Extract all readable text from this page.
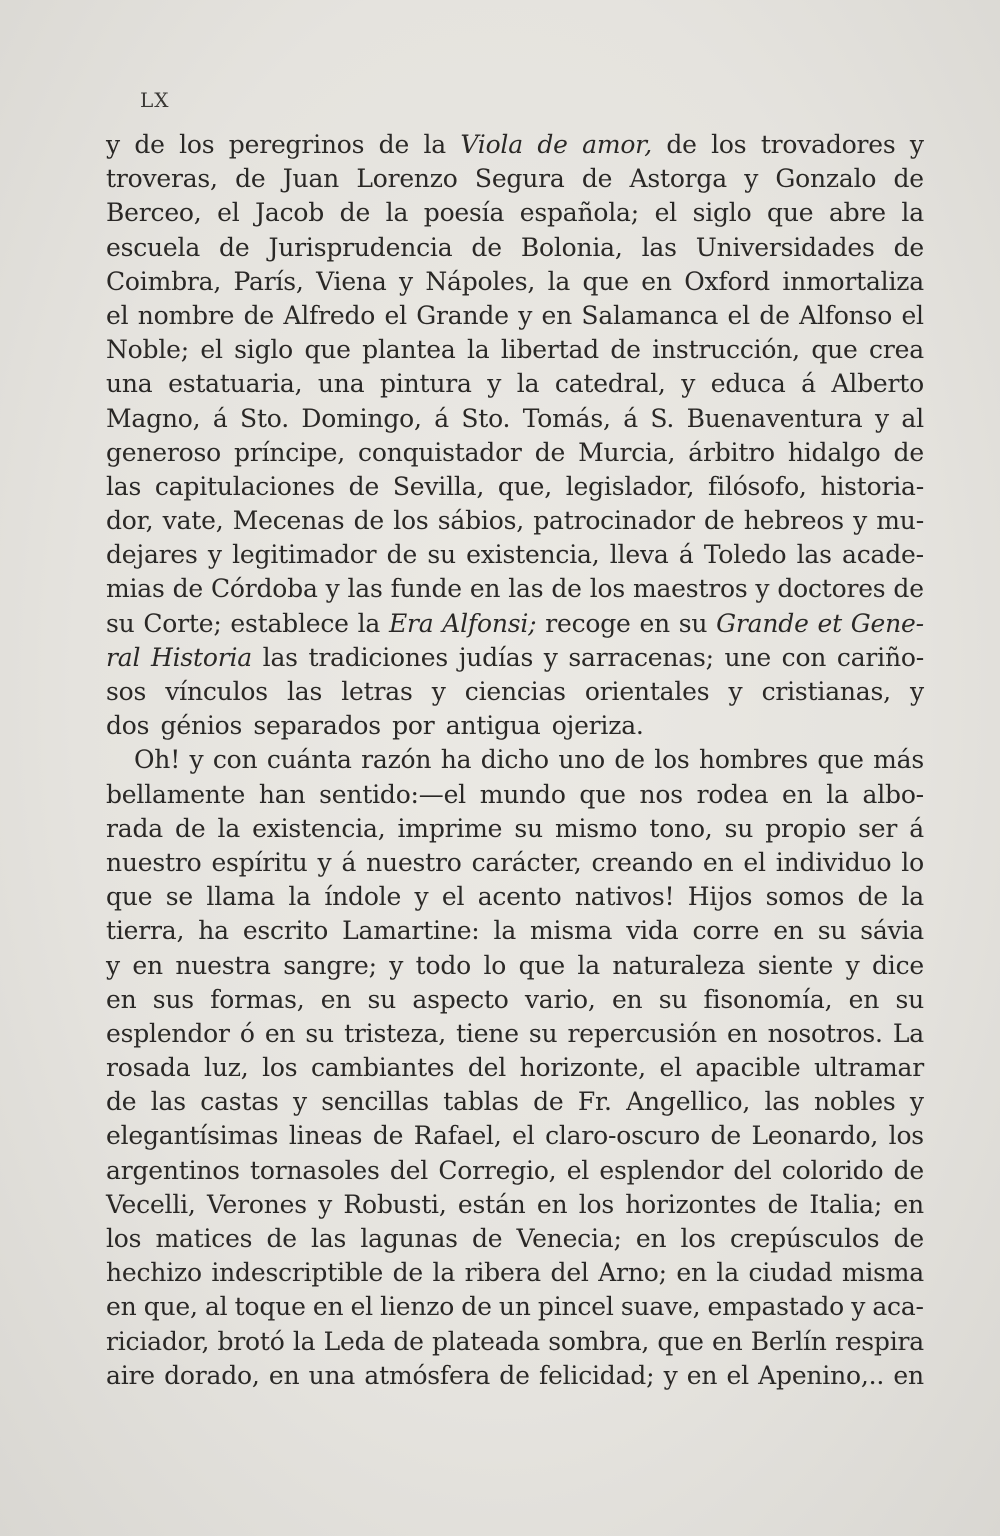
LX
y de los peregrinos de la Viola de amor, de los trovadores y
troveras, de Juan Lorenzo Segura de Astorga y Gonzalo de
Berceo, el Jacob de la poesía española; el siglo que abre la
escuela de Jurisprudencia de Bolonia, las Universidades de
Coimbra, París, Viena y Nápoles, la que en Oxford inmortaliza
el nombre de Alfredo el Grande y en Salamanca el de Alfonso el
Noble; el siglo que plantea la libertad de instrucción, que crea
una estatuaria, una pintura y la catedral, y educa á Alberto
Magno, á Sto. Domingo, á Sto. Tomás, á S. Buenaventura y al
generoso príncipe, conquistador de Murcia, árbitro hidalgo de
las capitulaciones de Sevilla, que, legislador, filósofo, historia-
dor, vate, Mecenas de los sábios, patrocinador de hebreos y mu-
dejares y legitimador de su existencia, lleva á Toledo las acade-
mias de Córdoba y las funde en las de los maestros y doctores de
su Corte; establece la Era Alfonsi; recoge en su Grande et Gene-
ral Historia las tradiciones judías y sarracenas; une con cariño-
sos vínculos las letras y ciencias orientales y cristianas, y
dos génios separados por antigua ojeriza.
Oh! y con cuánta razón ha dicho uno de los hombres que más
bellamente han sentido:—el mundo que nos rodea en la albo-
rada de la existencia, imprime su mismo tono, su propio ser á
nuestro espíritu y á nuestro carácter, creando en el individuo lo
que se llama la índole y el acento nativos! Hijos somos de la
tierra, ha escrito Lamartine: la misma vida corre en su sávia
y en nuestra sangre; y todo lo que la naturaleza siente y dice
en sus formas, en su aspecto vario, en su fisonomía, en su
esplendor ó en su tristeza, tiene su repercusión en nosotros. La
rosada luz, los cambiantes del horizonte, el apacible ultramar
de las castas y sencillas tablas de Fr. Angellico, las nobles y
elegantísimas lineas de Rafael, el claro-oscuro de Leonardo, los
argentinos tornasoles del Corregio, el esplendor del colorido de
Vecelli, Verones y Robusti, están en los horizontes de Italia; en
los matices de las lagunas de Venecia; en los crepúsculos de
hechizo indescriptible de la ribera del Arno; en la ciudad misma
en que, al toque en el lienzo de un pincel suave, empastado y aca-
riciador, brotó la Leda de plateada sombra, que en Berlín respira
aire dorado, en una atmósfera de felicidad; y en el Apenino,.. en
